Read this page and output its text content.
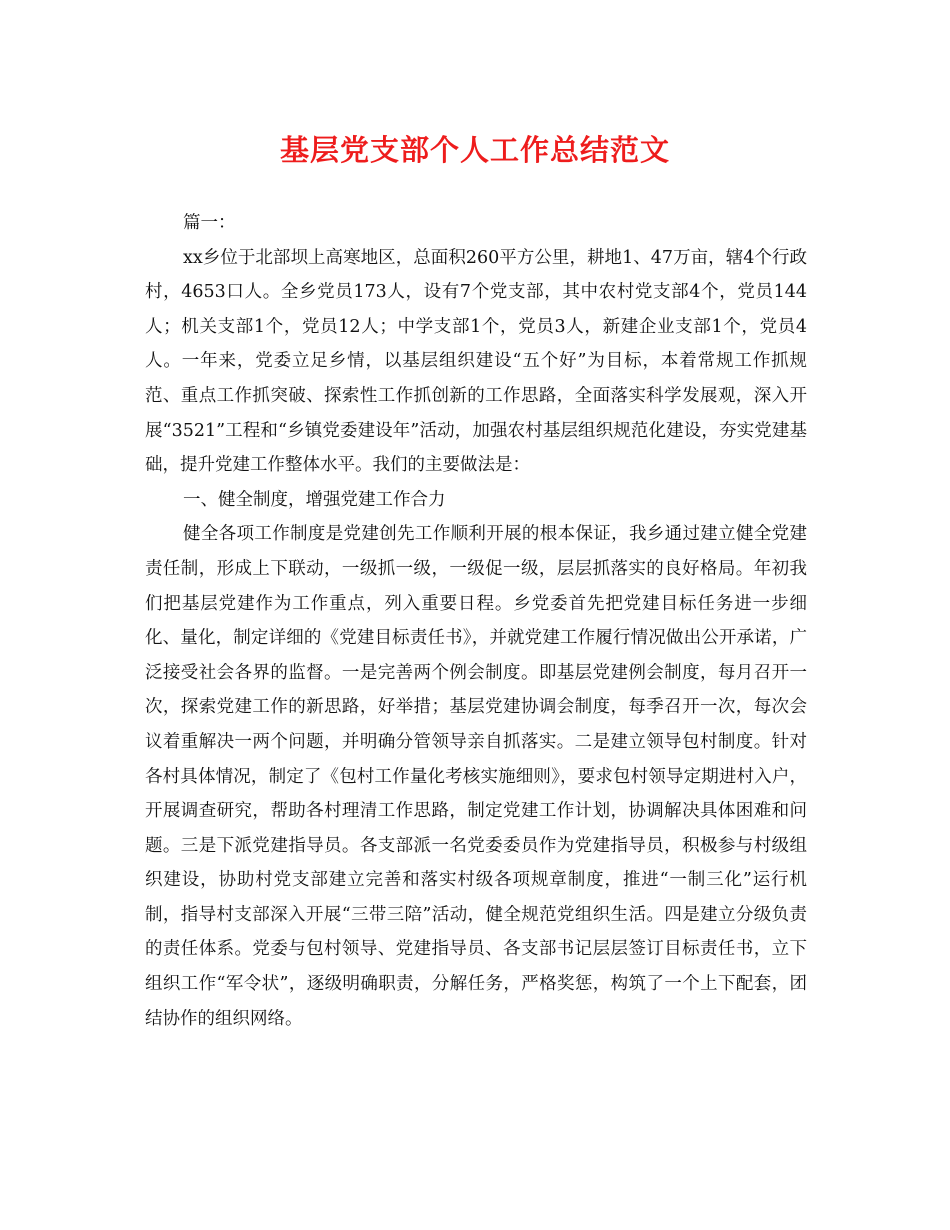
基层党支部个人工作总结范文

篇一：

xx乡位于北部坝上高寒地区，总面积260平方公里，耕地1、47万亩，辖4个行政村，4653口人。全乡党员173人，设有7个党支部，其中农村党支部4个，党员144人；机关支部1个，党员12人；中学支部1个，党员3人，新建企业支部1个，党员4人。一年来，党委立足乡情，以基层组织建设“五个好”为目标，本着常规工作抓规范、重点工作抓突破、探索性工作抓创新的工作思路，全面落实科学发展观，深入开展“3521”工程和“乡镇党委建设年”活动，加强农村基层组织规范化建设，夯实党建基础，提升党建工作整体水平。我们的主要做法是：

一、健全制度，增强党建工作合力

健全各项工作制度是党建创先工作顺利开展的根本保证，我乡通过建立健全党建责任制，形成上下联动，一级抓一级，一级促一级，层层抓落实的良好格局。年初我们把基层党建作为工作重点，列入重要日程。乡党委首先把党建目标任务进一步细化、量化，制定详细的《党建目标责任书》，并就党建工作履行情况做出公开承诺，广泛接受社会各界的监督。一是完善两个例会制度。即基层党建例会制度，每月召开一次，探索党建工作的新思路，好举措；基层党建协调会制度，每季召开一次，每次会议着重解决一两个问题，并明确分管领导亲自抓落实。二是建立领导包村制度。针对各村具体情况，制定了《包村工作量化考核实施细则》，要求包村领导定期进村入户，开展调查研究，帮助各村理清工作思路，制定党建工作计划，协调解决具体困难和问题。三是下派党建指导员。各支部派一名党委委员作为党建指导员，积极参与村级组织建设，协助村党支部建立完善和落实村级各项规章制度，推进“一制三化”运行机制，指导村支部深入开展“三带三陪”活动，健全规范党组织生活。四是建立分级负责的责任体系。党委与包村领导、党建指导员、各支部书记层层签订目标责任书，立下组织工作“军令状”，逐级明确职责，分解任务，严格奖惩，构筑了一个上下配套，团结协作的组织网络。
